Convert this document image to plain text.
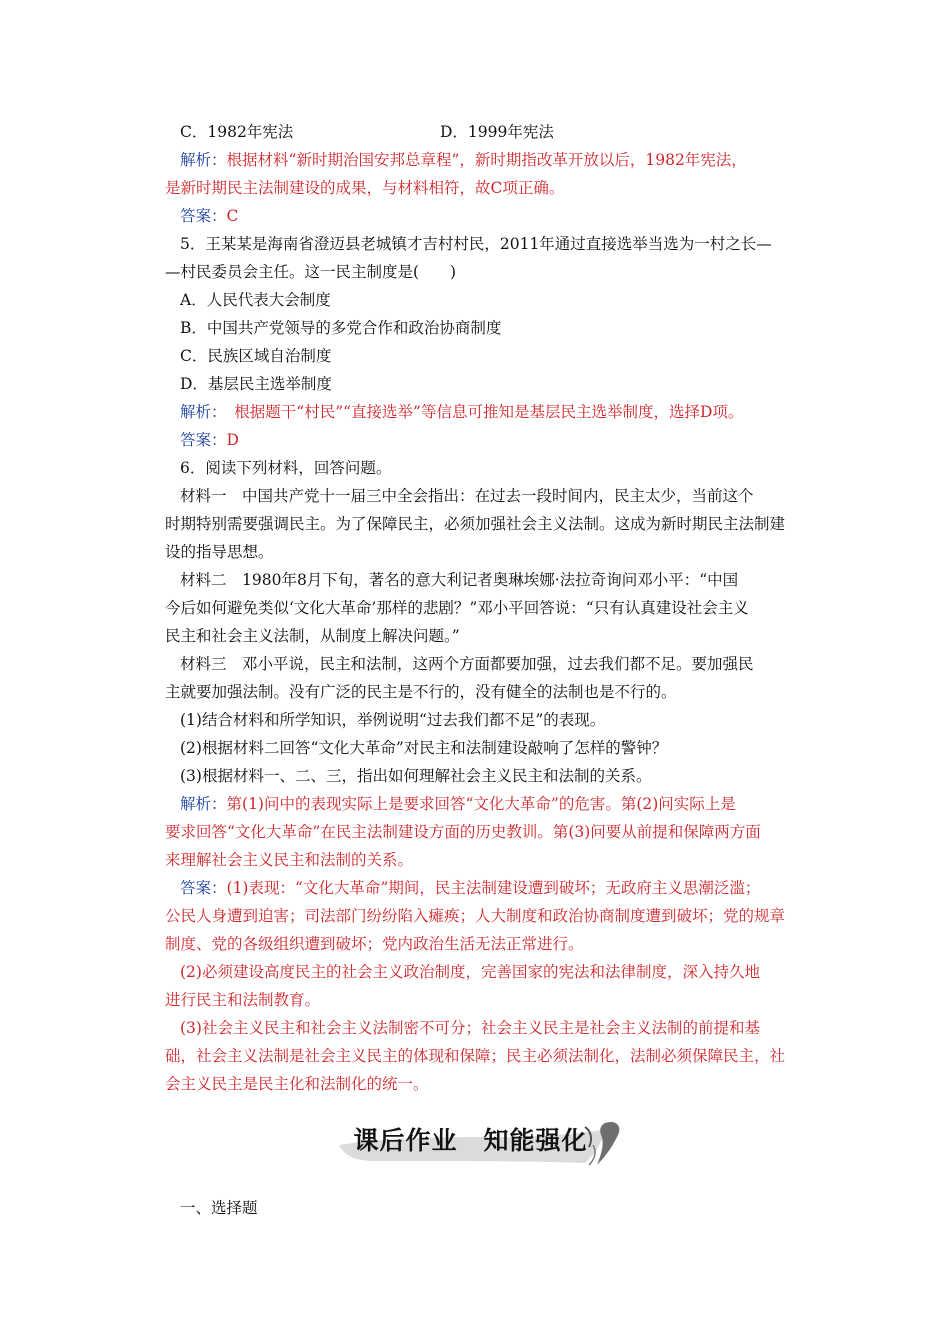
C．1982年宪法	D．1999年宪法
解析：根据材料“新时期治国安邦总章程”，新时期指改革开放以后，1982年宪法，
是新时期民主法制建设的成果，与材料相符，故C项正确。
答案：C
5．王某某是海南省澄迈县老城镇才吉村村民，2011年通过直接选举当选为一村之长—
—村民委员会主任。这一民主制度是(　　)
A．人民代表大会制度
B．中国共产党领导的多党合作和政治协商制度
C．民族区域自治制度
D．基层民主选举制度
解析：　根据题干“村民”“直接选举”等信息可推知是基层民主选举制度，选择D项。
答案：D
6．阅读下列材料，回答问题。
材料一　中国共产党十一届三中全会指出：在过去一段时间内，民主太少，当前这个
时期特别需要强调民主。为了保障民主，必须加强社会主义法制。这成为新时期民主法制建
设的指导思想。
材料二　1980年8月下旬，著名的意大利记者奥琳埃娜·法拉奇询问邓小平：“中国
今后如何避免类似‘文化大革命’那样的悲剧？”邓小平回答说：“只有认真建设社会主义
民主和社会主义法制，从制度上解决问题。”
材料三　邓小平说，民主和法制，这两个方面都要加强，过去我们都不足。要加强民
主就要加强法制。没有广泛的民主是不行的，没有健全的法制也是不行的。
(1)结合材料和所学知识，举例说明“过去我们都不足”的表现。
(2)根据材料二回答“文化大革命”对民主和法制建设敲响了怎样的警钟？
(3)根据材料一、二、三，指出如何理解社会主义民主和法制的关系。
解析：第(1)问中的表现实际上是要求回答“文化大革命”的危害。第(2)问实际上是
要求回答“文化大革命”在民主法制建设方面的历史教训。第(3)问要从前提和保障两方面
来理解社会主义民主和法制的关系。
答案：(1)表现：“文化大革命”期间，民主法制建设遭到破坏；无政府主义思潮泛滥；
公民人身遭到迫害；司法部门纷纷陷入瘫痪；人大制度和政治协商制度遭到破坏；党的规章
制度、党的各级组织遭到破坏；党内政治生活无法正常进行。
(2)必须建设高度民主的社会主义政治制度，完善国家的宪法和法律制度，深入持久地
进行民主和法制教育。
(3)社会主义民主和社会主义法制密不可分；社会主义民主是社会主义法制的前提和基
础，社会主义法制是社会主义民主的体现和保障；民主必须法制化，法制必须保障民主，社
会主义民主是民主化和法制化的统一。
课后作业　知能强化
一、选择题
